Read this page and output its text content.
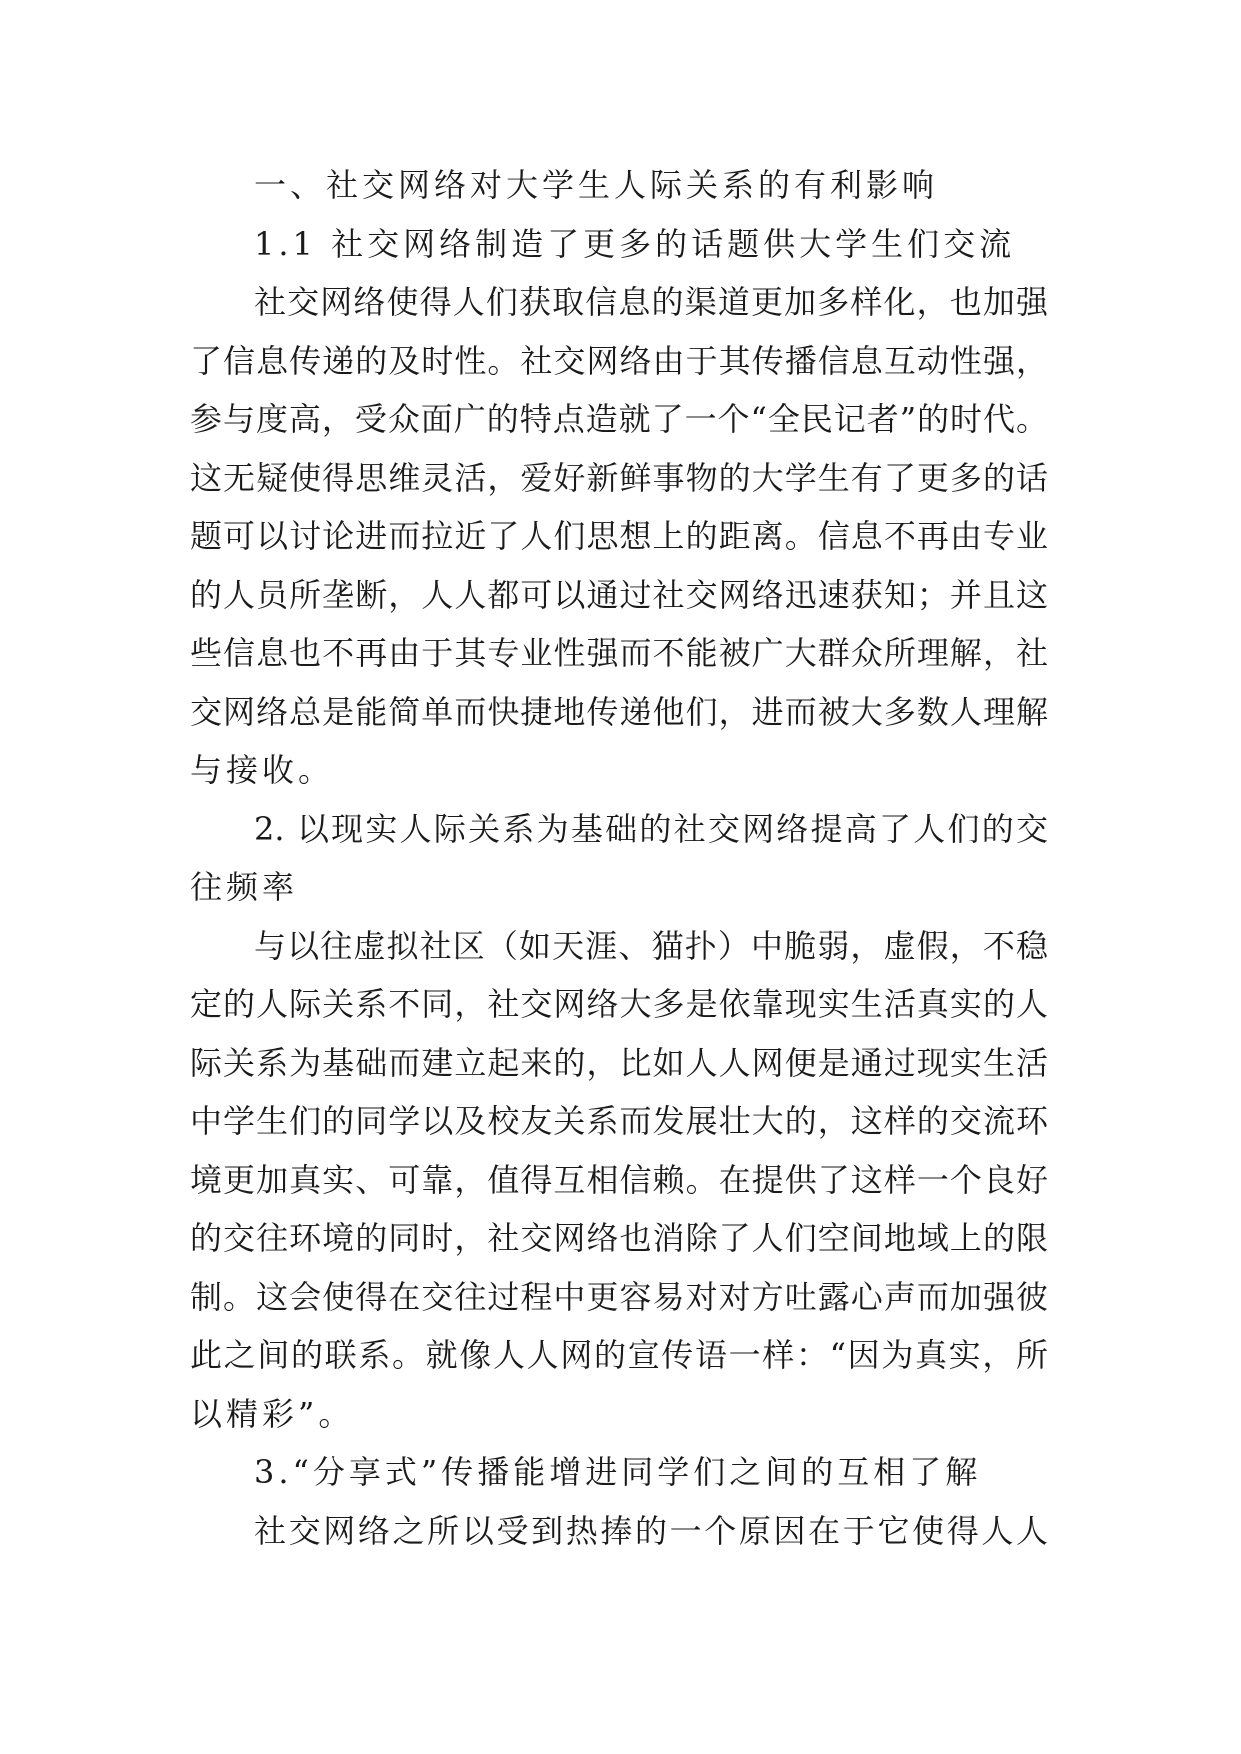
一、社交网络对大学生人际关系的有利影响
1.1 社交网络制造了更多的话题供大学生们交流
社交网络使得人们获取信息的渠道更加多样化，也加强
了信息传递的及时性。社交网络由于其传播信息互动性强，
参与度高，受众面广的特点造就了一个“全民记者”的时代。
这无疑使得思维灵活，爱好新鲜事物的大学生有了更多的话
题可以讨论进而拉近了人们思想上的距离。信息不再由专业
的人员所垄断，人人都可以通过社交网络迅速获知；并且这
些信息也不再由于其专业性强而不能被广大群众所理解，社
交网络总是能简单而快捷地传递他们，进而被大多数人理解
与接收。
2. 以现实人际关系为基础的社交网络提高了人们的交
往频率
与以往虚拟社区（如天涯、猫扑）中脆弱，虚假，不稳
定的人际关系不同，社交网络大多是依靠现实生活真实的人
际关系为基础而建立起来的，比如人人网便是通过现实生活
中学生们的同学以及校友关系而发展壮大的，这样的交流环
境更加真实、可靠，值得互相信赖。在提供了这样一个良好
的交往环境的同时，社交网络也消除了人们空间地域上的限
制。这会使得在交往过程中更容易对对方吐露心声而加强彼
此之间的联系。就像人人网的宣传语一样：“因为真实，所
以精彩”。
3.“分享式”传播能增进同学们之间的互相了解
社交网络之所以受到热捧的一个原因在于它使得人人
